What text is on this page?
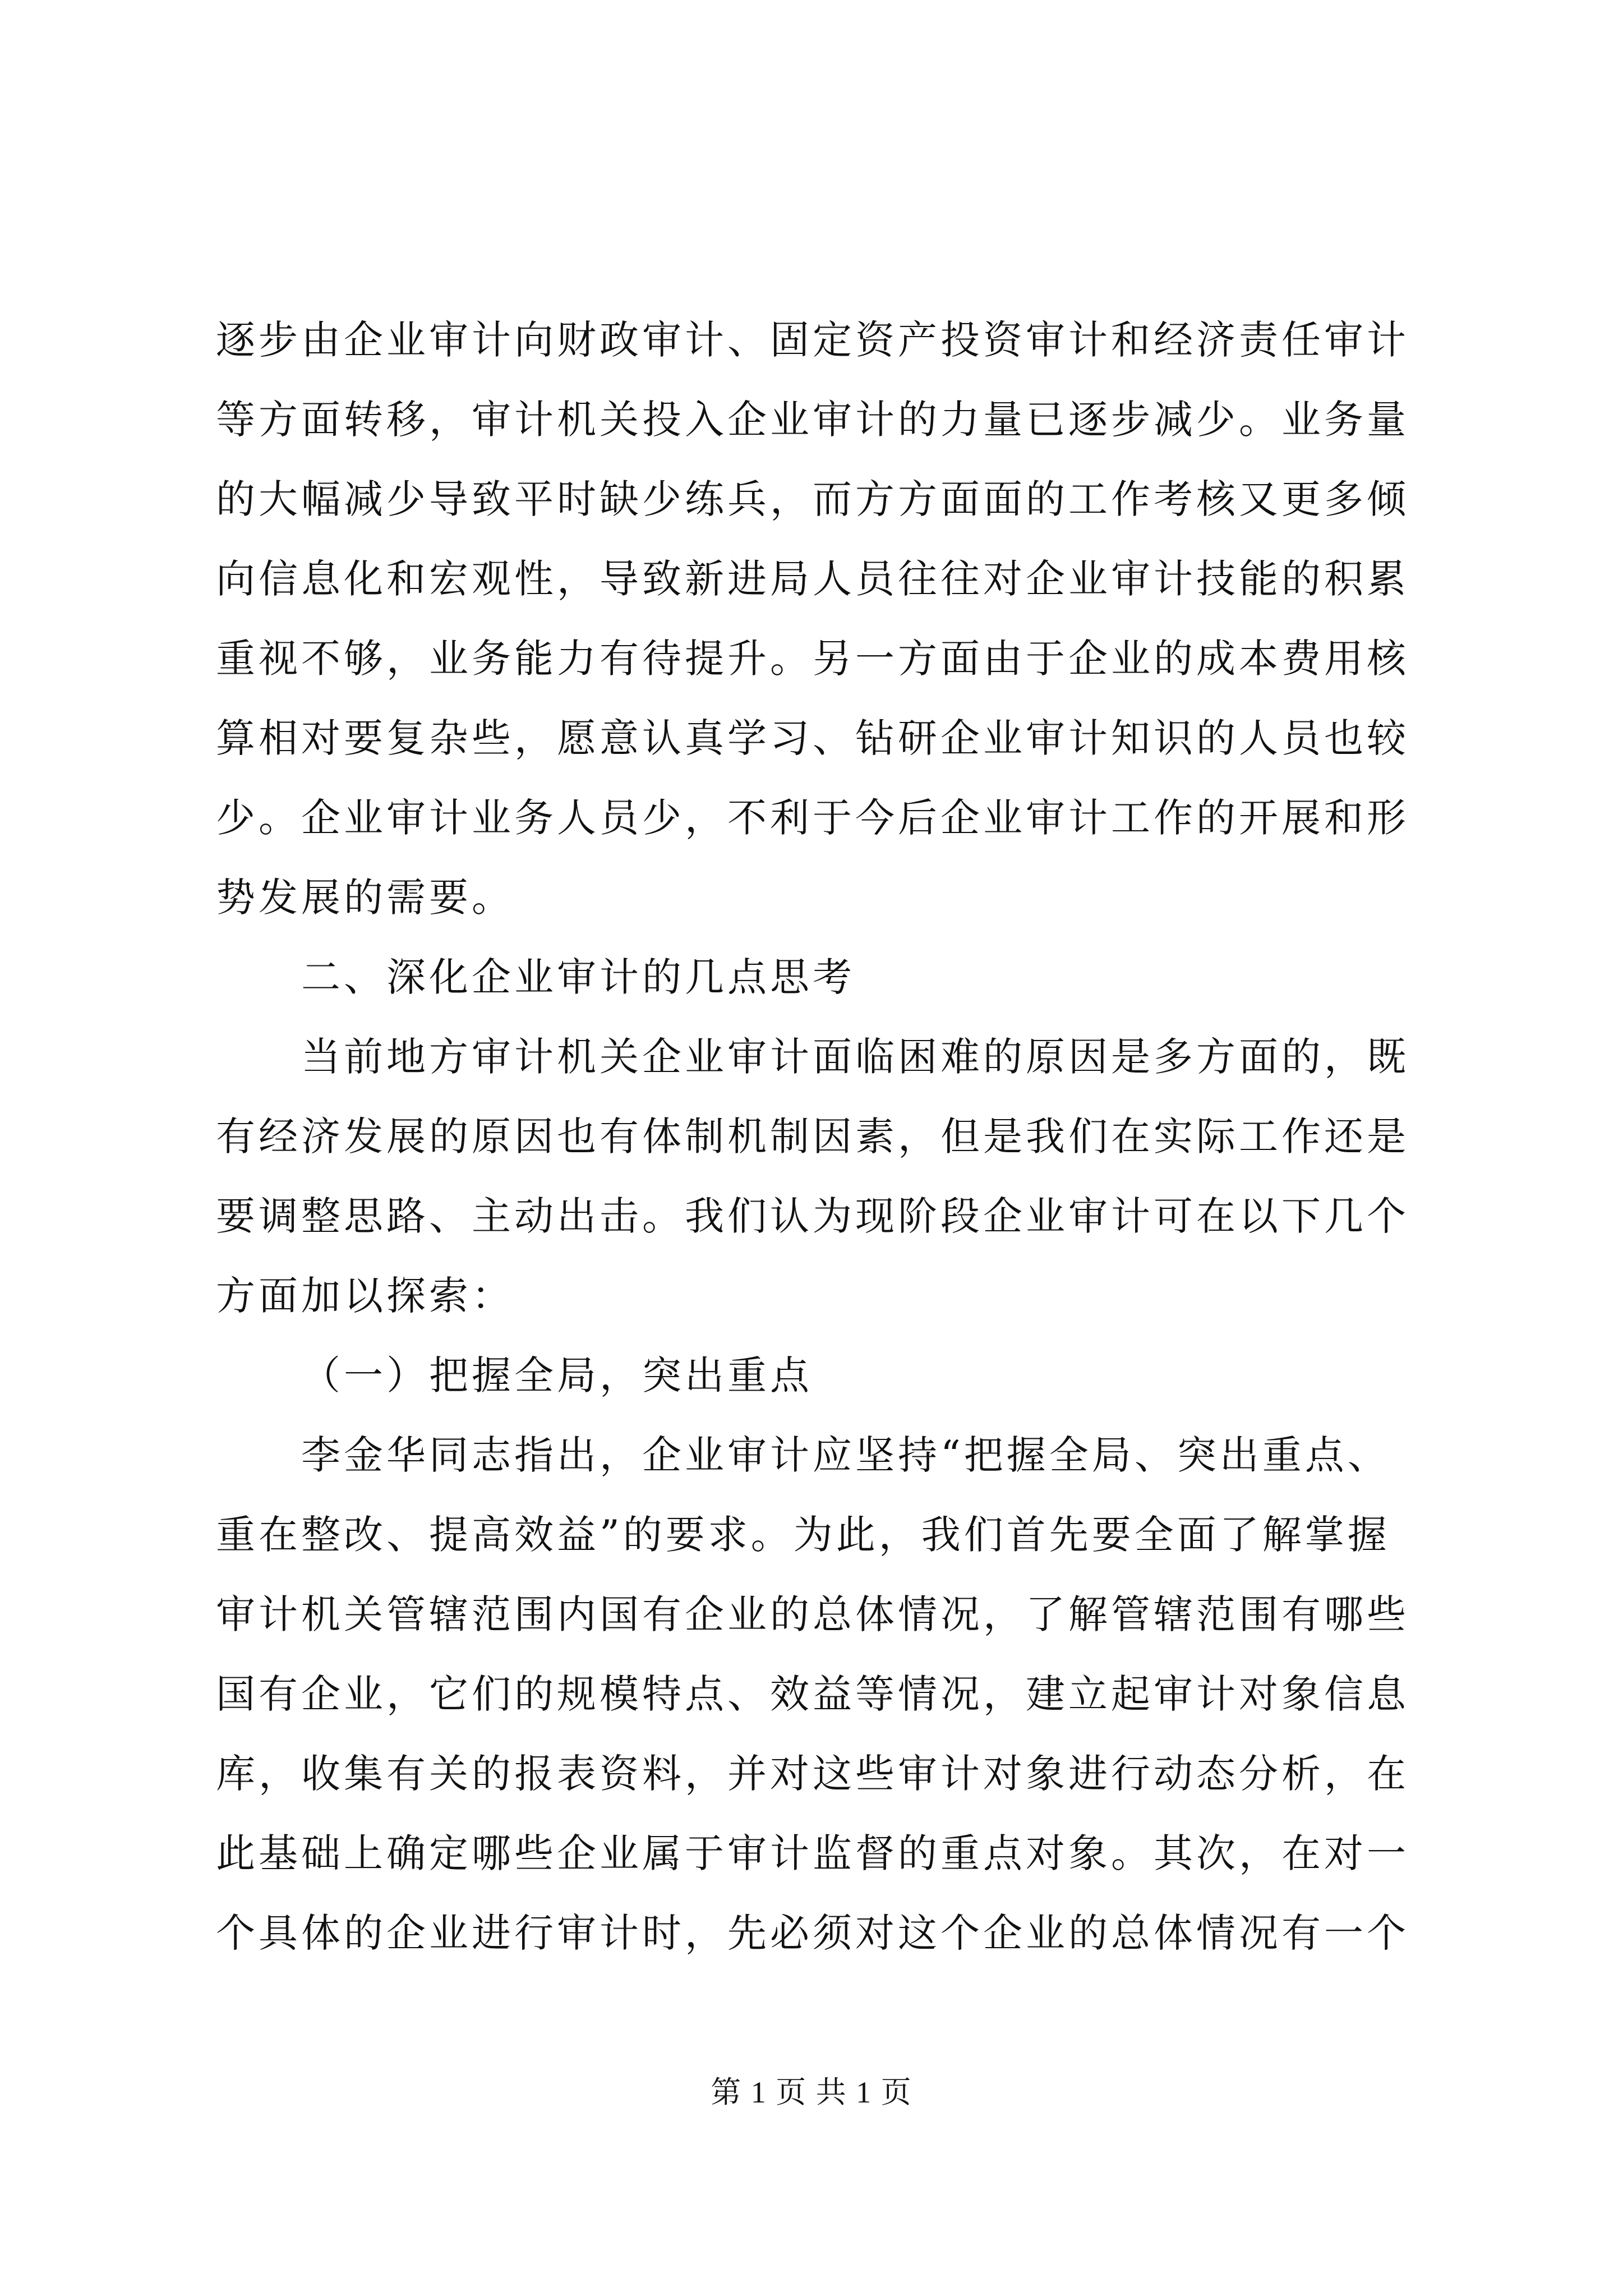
逐步由企业审计向财政审计、固定资产投资审计和经济责任审计
等方面转移，审计机关投入企业审计的力量已逐步减少。业务量
的大幅减少导致平时缺少练兵，而方方面面的工作考核又更多倾
向信息化和宏观性，导致新进局人员往往对企业审计技能的积累
重视不够，业务能力有待提升。另一方面由于企业的成本费用核
算相对要复杂些，愿意认真学习、钻研企业审计知识的人员也较
少。企业审计业务人员少，不利于今后企业审计工作的开展和形
势发展的需要。
二、深化企业审计的几点思考
当前地方审计机关企业审计面临困难的原因是多方面的，既
有经济发展的原因也有体制机制因素，但是我们在实际工作还是
要调整思路、主动出击。我们认为现阶段企业审计可在以下几个
方面加以探索：
（一）把握全局，突出重点
李金华同志指出，企业审计应坚持“把握全局、突出重点、
重在整改、提高效益”的要求。为此，我们首先要全面了解掌握
审计机关管辖范围内国有企业的总体情况，了解管辖范围有哪些
国有企业，它们的规模特点、效益等情况，建立起审计对象信息
库，收集有关的报表资料，并对这些审计对象进行动态分析，在
此基础上确定哪些企业属于审计监督的重点对象。其次，在对一
个具体的企业进行审计时，先必须对这个企业的总体情况有一个
第 1 页 共 1 页
